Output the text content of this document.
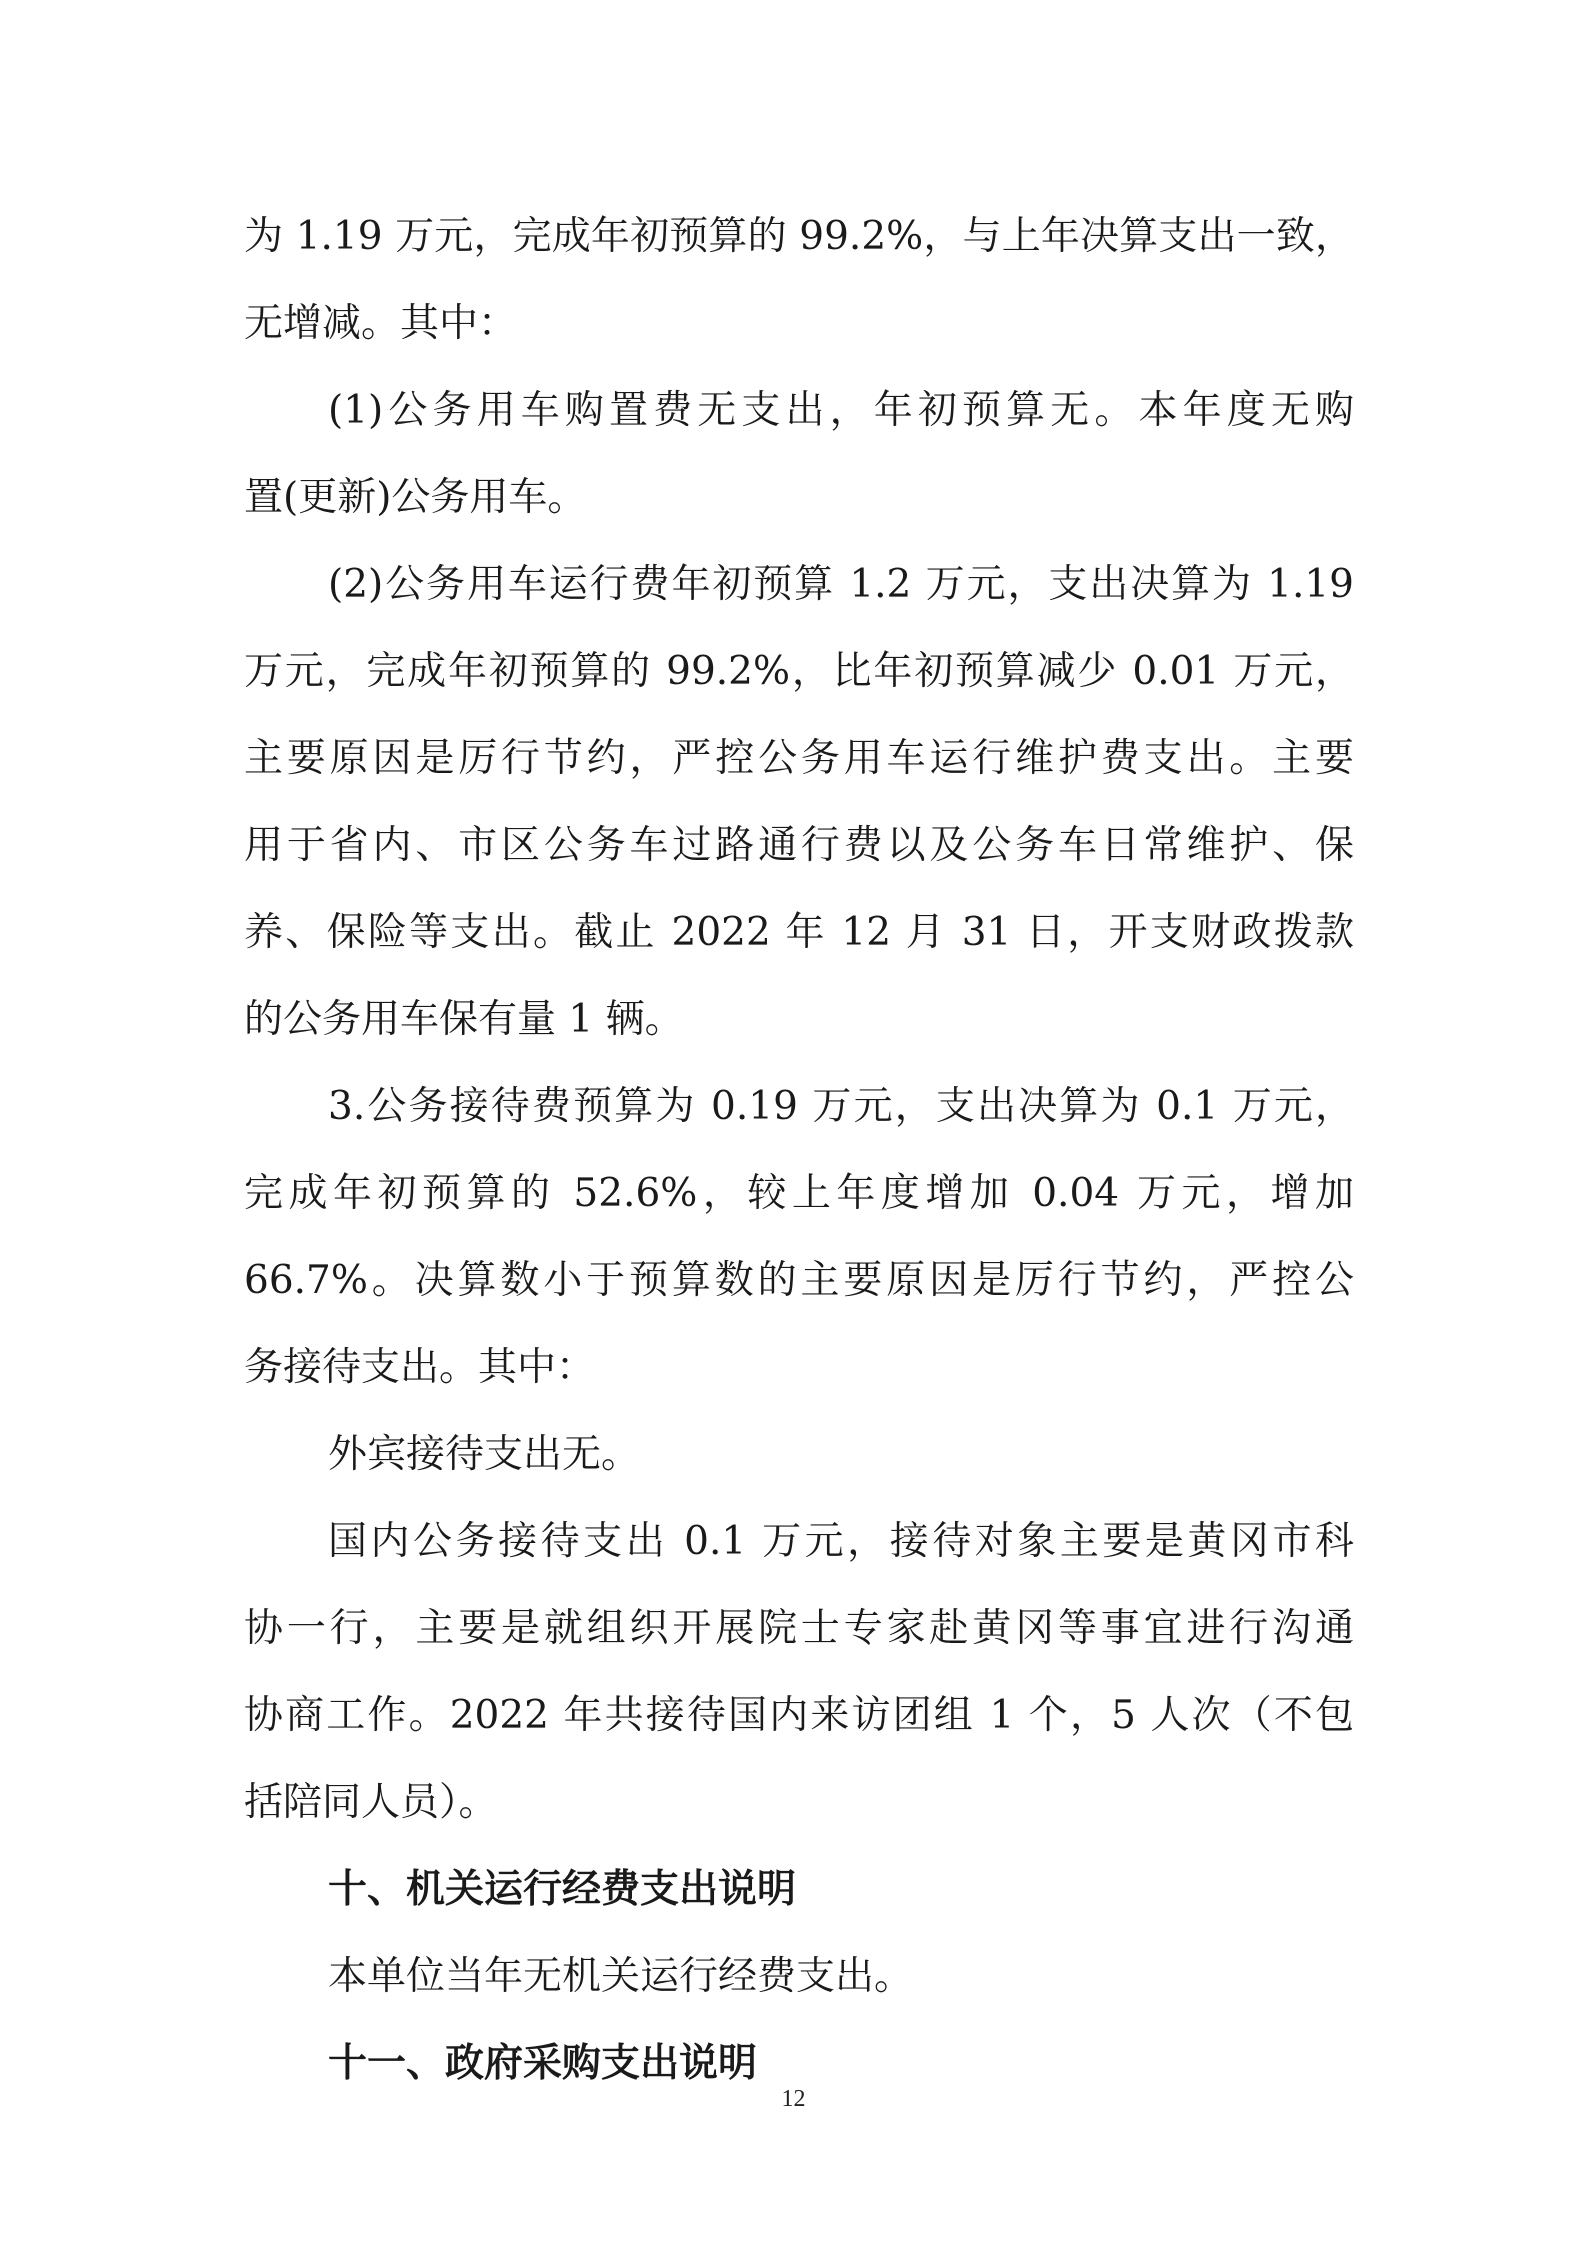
为 1.19 万元，完成年初预算的 99.2%，与上年决算支出一致，
无增减。其中：
(1)公务用车购置费无支出，年初预算无。本年度无购
置(更新)公务用车。
(2)公务用车运行费年初预算 1.2 万元，支出决算为 1.19
万元，完成年初预算的 99.2%，比年初预算减少 0.01 万元，
主要原因是厉行节约，严控公务用车运行维护费支出。主要
用于省内、市区公务车过路通行费以及公务车日常维护、保
养、保险等支出。截止 2022 年 12 月 31 日，开支财政拨款
的公务用车保有量 1 辆。
3.公务接待费预算为 0.19 万元，支出决算为 0.1 万元，
完成年初预算的 52.6%，较上年度增加 0.04 万元，增加
66.7%。决算数小于预算数的主要原因是厉行节约，严控公
务接待支出。其中：
外宾接待支出无。
国内公务接待支出 0.1 万元，接待对象主要是黄冈市科
协一行，主要是就组织开展院士专家赴黄冈等事宜进行沟通
协商工作。2022 年共接待国内来访团组 1 个，5 人次（不包
括陪同人员）。
十、机关运行经费支出说明
本单位当年无机关运行经费支出。
十一、政府采购支出说明
12
